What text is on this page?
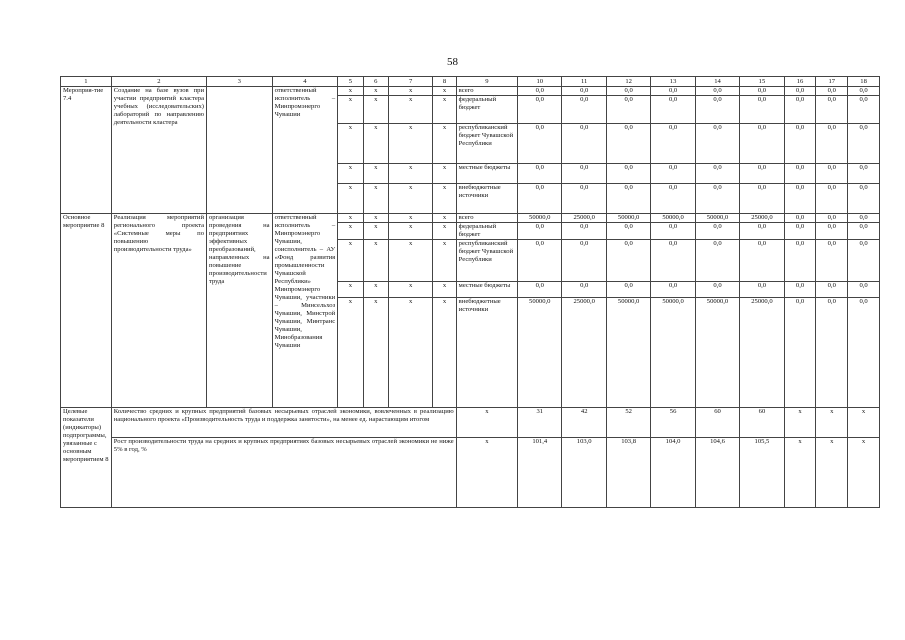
58
1	2	3	4	5	6	7	8	9	10	11	12	13	14	15	16	17	18
Мероприя-тие 7.4	Создание на базе вузов при участии предприятий кластера учебных (исследовательских) лабораторий по направлению деятельности кластера		ответственный исполнитель – Минпромэнерго Чувашии	x	x	x	x	всего	0,0	0,0	0,0	0,0	0,0	0,0	0,0	0,0	0,0
				x	x	x	x	федеральный бюджет	0,0	0,0	0,0	0,0	0,0	0,0	0,0	0,0	0,0
				x	x	x	x	республиканский бюджет Чувашской Республики	0,0	0,0	0,0	0,0	0,0	0,0	0,0	0,0	0,0
				x	x	x	x	местные бюджеты	0,0	0,0	0,0	0,0	0,0	0,0	0,0	0,0	0,0
				x	x	x	x	внебюджетные источники	0,0	0,0	0,0	0,0	0,0	0,0	0,0	0,0	0,0
Основное мероприятие 8	Реализация мероприятий регионального проекта «Системные меры по повышению производительности труда»	организация проведения на предприятиях эффективных преобразований, направленных на повышение производительности труда	ответственный исполнитель – Минпромэнерго Чувашии, соисполнитель – АУ «Фонд развития промышленности Чувашской Республики» Минпромэнерго Чувашии, участники – Минсельхоз Чувашии, Минстрой Чувашии, Минтранс Чувашии, Минобразования Чувашии	x	x	x	x	всего	50000,0	25000,0	50000,0	50000,0	50000,0	25000,0	0,0	0,0	0,0
				x	x	x	x	федеральный бюджет	0,0	0,0	0,0	0,0	0,0	0,0	0,0	0,0	0,0
				x	x	x	x	республиканский бюджет Чувашской Республики	0,0	0,0	0,0	0,0	0,0	0,0	0,0	0,0	0,0
				x	x	x	x	местные бюджеты	0,0	0,0	0,0	0,0	0,0	0,0	0,0	0,0	0,0
				x	x	x	x	внебюджетные источники	50000,0	25000,0	50000,0	50000,0	50000,0	25000,0	0,0	0,0	0,0
Целевые показатели (индикаторы) подпрограммы, увязанные с основным мероприятием 8	Количество средних и крупных предприятий базовых несырьевых отраслей экономики, вовлеченных в реализацию национального проекта «Производительность труда и поддержка занятости», на менее ед. нарастающим итогом							x	31	42	52	56	60	60	x	x	x
	Рост производительности труда на средних и крупных предприятиях базовых несырьевых отраслей экономики не ниже 5% в год, %							x	101,4	103,0	103,8	104,0	104,6	105,5	x	x	x
